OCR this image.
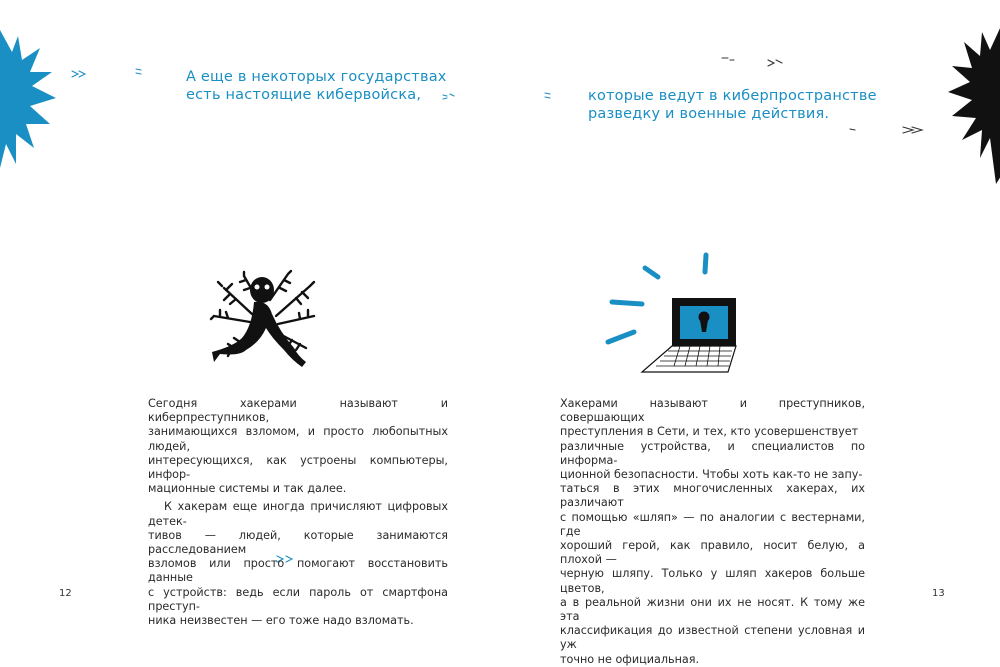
А еще в некоторых государствах
есть настоящие кибервойска,	которые ведут в киберпространстве
разведку и военные действия.

Сегодня хакерами называют и киберпреступников,
занимающихся взломом, и просто любопытных людей,
интересующихся, как устроены компьютеры, инфор-
мационные системы и так далее.

К хакерам еще иногда причисляют цифровых детек-
тивов — людей, которые занимаются расследованием
взломов или просто помогают восстановить данные
с устройств: ведь если пароль от смартфона преступ-
ника неизвестен — его тоже надо взломать.

Хакерами называют и преступников, совершающих
преступления в Сети, и тех, кто усовершенствует
различные устройства, и специалистов по информа-
ционной безопасности. Чтобы хоть как-то не запу-
таться в этих многочисленных хакерах, их различают
с помощью «шляп» — по аналогии с вестернами, где
хороший герой, как правило, носит белую, а плохой —
черную шляпу. Только у шляп хакеров больше цветов,
а в реальной жизни они их не носят. К тому же эта
классификация до известной степени условная и уж
точно не официальная.

12	13
